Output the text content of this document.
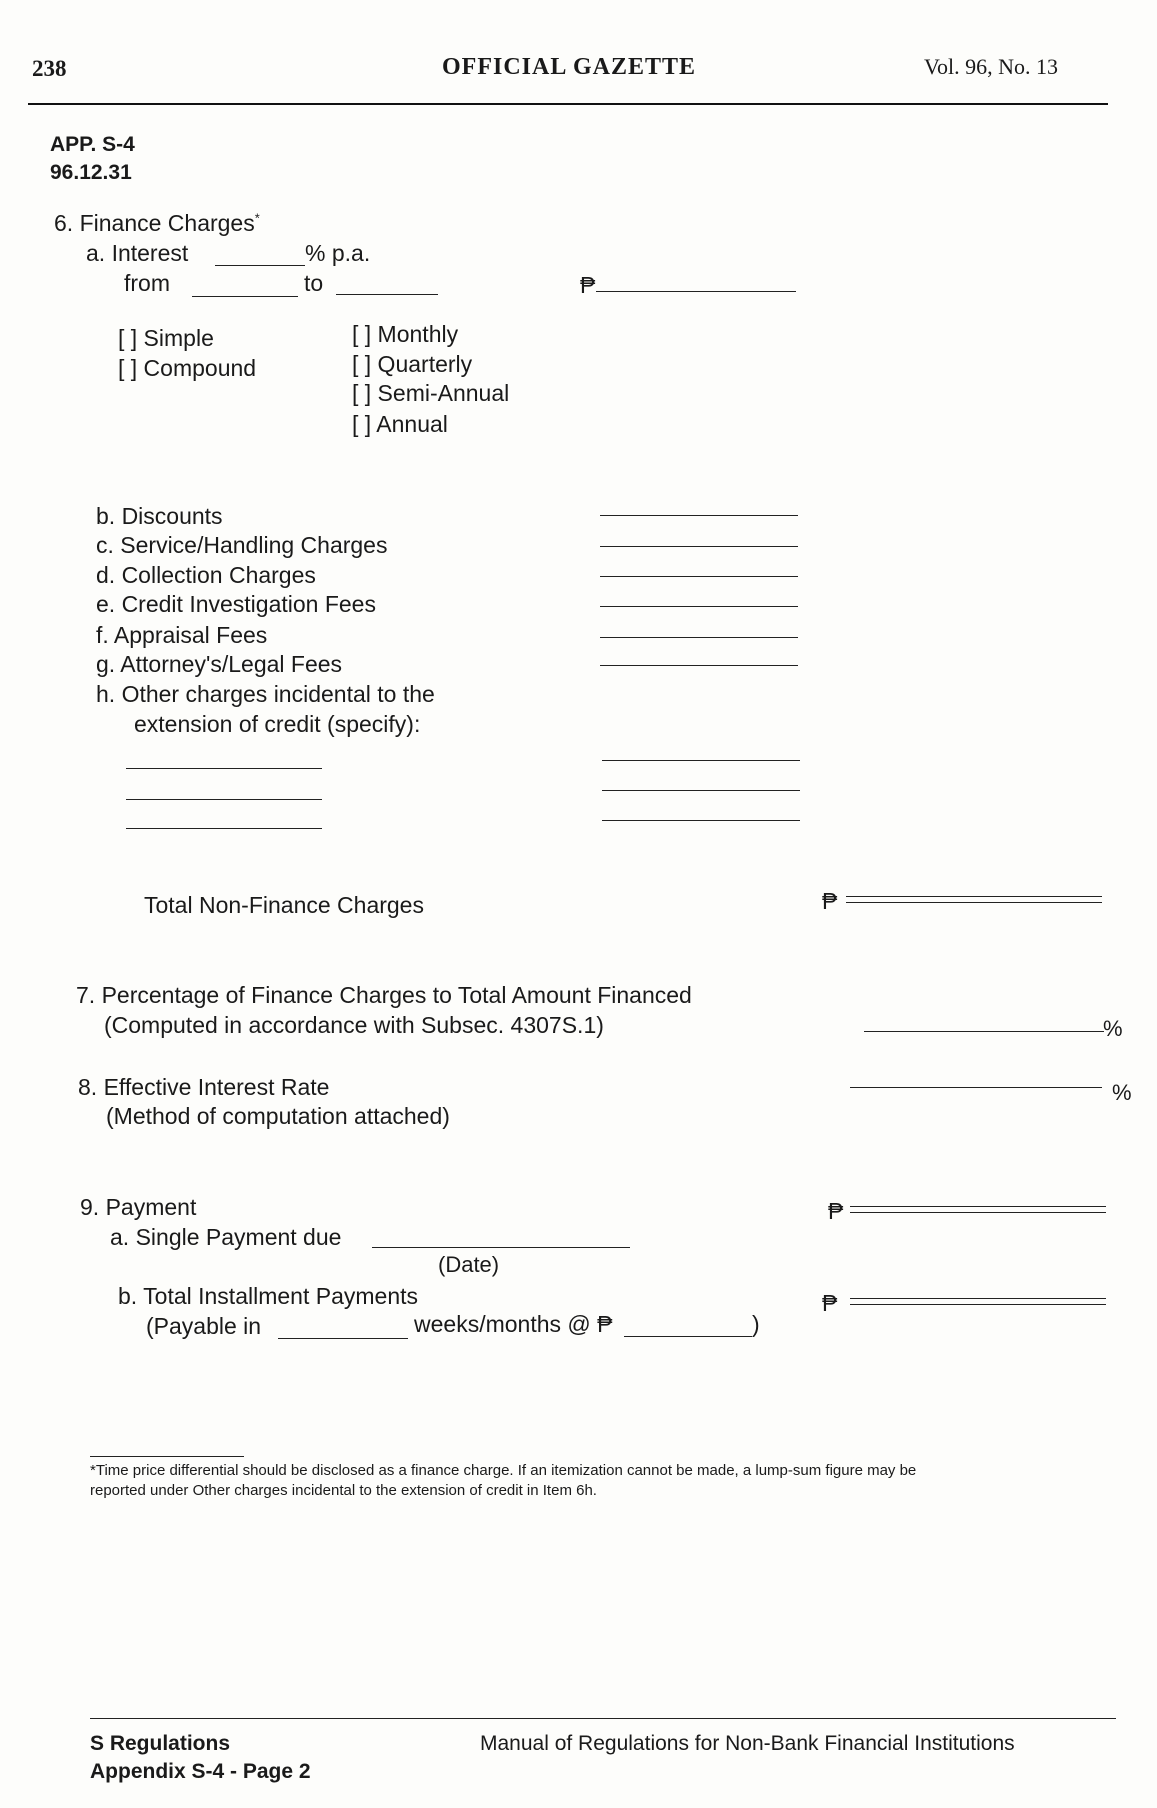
238	OFFICIAL GAZETTE	Vol. 96, No. 13
APP. S-4
96.12.31
6. Finance Charges*
a. Interest	% p.a.
from	to	₱
[ ] Simple
[ ] Compound
[ ] Monthly
[ ] Quarterly
[ ] Semi-Annual
[ ] Annual
b. Discounts
c. Service/Handling Charges
d. Collection Charges
e. Credit Investigation Fees
f. Appraisal Fees
g. Attorney's/Legal Fees
h. Other charges incidental to the
extension of credit (specify):
Total Non-Finance Charges	₱
7. Percentage of Finance Charges to Total Amount Financed
(Computed in accordance with Subsec. 4307S.1)	%
8. Effective Interest Rate
(Method of computation attached)
%
9. Payment	₱
a. Single Payment due
(Date)
b. Total Installment Payments	₱
(Payable in	weeks/months @ ₱	)
*Time price differential should be disclosed as a finance charge. If an itemization cannot be made, a lump-sum figure may be
reported under Other charges incidental to the extension of credit in Item 6h.
S Regulations
Appendix S-4 - Page 2
Manual of Regulations for Non-Bank Financial Institutions
